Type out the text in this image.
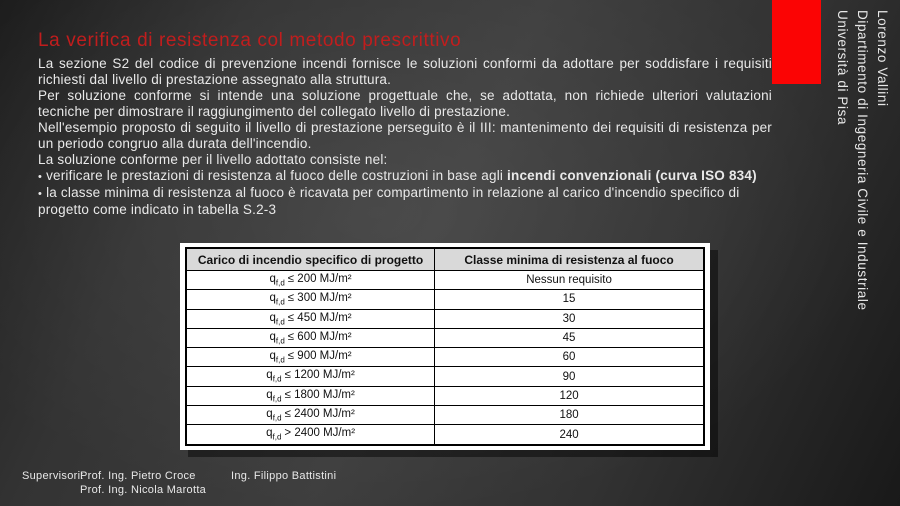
La verifica di resistenza col metodo prescrittivo

La sezione S2 del codice di prevenzione incendi fornisce le soluzioni conformi da adottare per soddisfare i requisiti richiesti dal livello di prestazione assegnato alla struttura.

Per soluzione conforme si intende una soluzione progettuale che, se adottata, non richiede ulteriori valutazioni tecniche per dimostrare il raggiungimento del collegato livello di prestazione.

Nell'esempio proposto di seguito il livello di prestazione perseguito è il III: mantenimento dei requisiti di resistenza per un periodo congruo alla durata dell'incendio.

La soluzione conforme per il livello adottato consiste nel:

• verificare le prestazioni di resistenza al fuoco delle costruzioni in base agli incendi convenzionali (curva ISO 834)

• la classe minima di resistenza al fuoco è ricavata per compartimento in relazione al carico d'incendio specifico di progetto come indicato in tabella S.2-3

Carico di incendio specifico di progetto	Classe minima di resistenza al fuoco
$q_{f,d} \le 200$ MJ/m²	Nessun requisito
$q_{f,d} \le 300$ MJ/m²	15
$q_{f,d} \le 450$ MJ/m²	30
$q_{f,d} \le 600$ MJ/m²	45
$q_{f,d} \le 900$ MJ/m²	60
$q_{f,d} \le 1200$ MJ/m²	90
$q_{f,d} \le 1800$ MJ/m²	120
$q_{f,d} \le 2400$ MJ/m²	180
$q_{f,d} > 2400$ MJ/m²	240
Supervisori:Prof. Ing. Pietro Croce	Ing. Filippo Battistini
Prof. Ing. Nicola Marotta
Lorenzo Vallini
Dipartimento di Ingegneria Civile e Industriale
Università di Pisa
